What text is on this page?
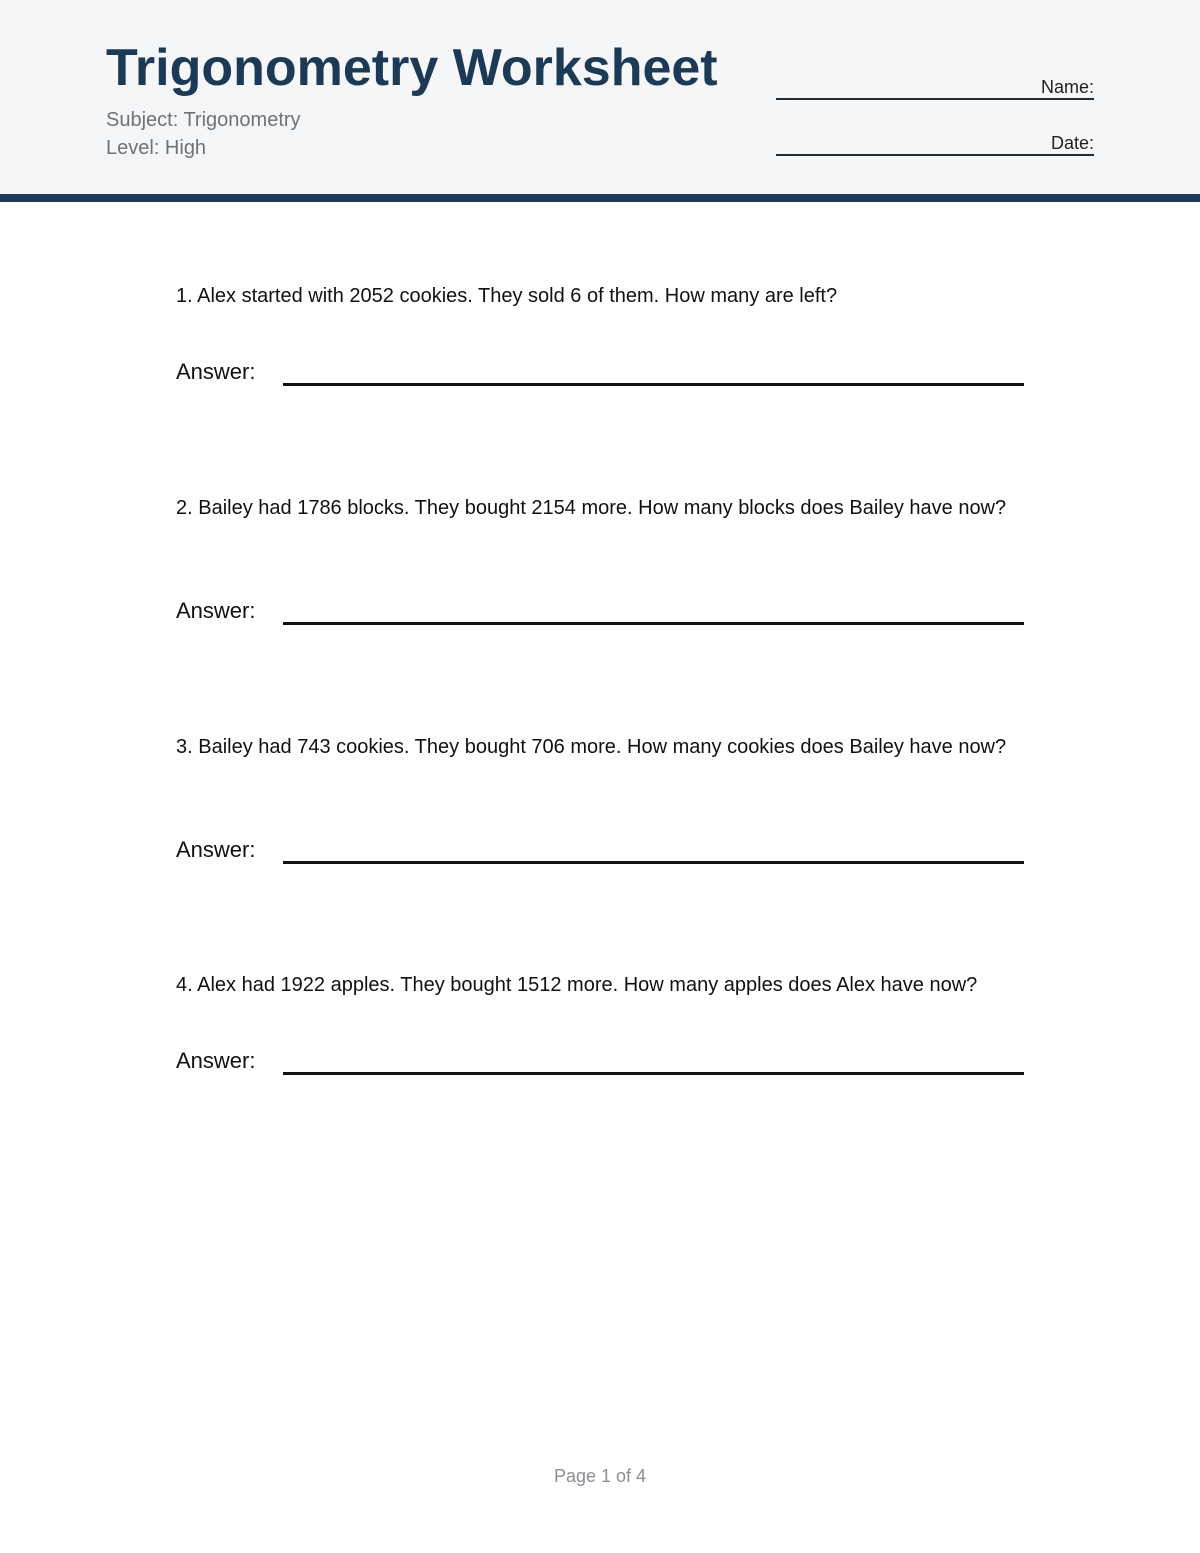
Trigonometry Worksheet
Subject: Trigonometry
Level: High
Name:
Date:
1. Alex started with 2052 cookies. They sold 6 of them. How many are left?
Answer:
2. Bailey had 1786 blocks. They bought 2154 more. How many blocks does Bailey have now?
Answer:
3. Bailey had 743 cookies. They bought 706 more. How many cookies does Bailey have now?
Answer:
4. Alex had 1922 apples. They bought 1512 more. How many apples does Alex have now?
Answer:
Page 1 of 4
